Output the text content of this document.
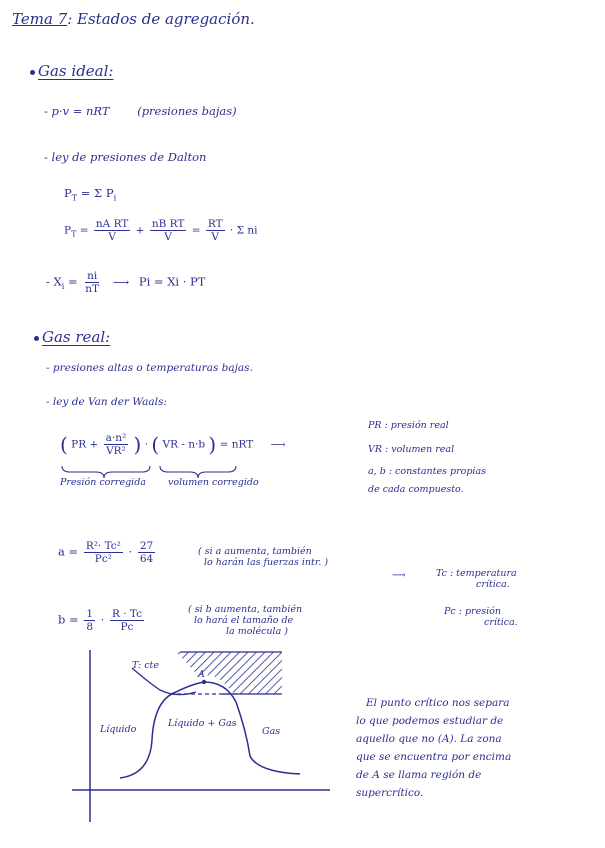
Tema 7: Estados de agregación.
Gas ideal:
- p·v = nRT (presiones bajas)
- ley de presiones de Dalton
$P_T = \Sigma$ $P_i$
$P_T = \frac{\text{nA RT}}{V} + \frac{\text{nB RT}}{V} = \frac{RT}{V} \cdot \Sigma$ ni
- $X_i = \frac{ni}{nT}$ ⟶ Pi = Xi · PT
Gas real:
- presiones altas o temperaturas bajas.
- ley de Van der Waals:
( PR + $\frac{\text{a·n²}}{\text{VR²}}$ ) · ( VR - n·b ) = nRT ⟶
Presión corregida volumen corregido
PR : presión real
VR : volumen real
a, b : constantes propias
de cada compuesto.
$a = \frac{\text{R²· Tc²}}{\text{Pc²}} \cdot \frac{27}{64}$	( si a aumenta, también
lo harán las fuerzas intr. )
$b = \frac{1}{8} \cdot \frac{R \cdot Tc}{Pc}$	( si b aumenta, también
lo hará el tamaño de
la molécula )
⟶	Tc : temperatura
crítica.
Pc : presión
crítica.
T: cte
A
Líquido
Líquido + Gas
Gas
El punto crítico nos separa
lo que podemos estudiar de
aquello que no (A). La zona
que se encuentra por encima
de A se llama región de
supercrítico.
